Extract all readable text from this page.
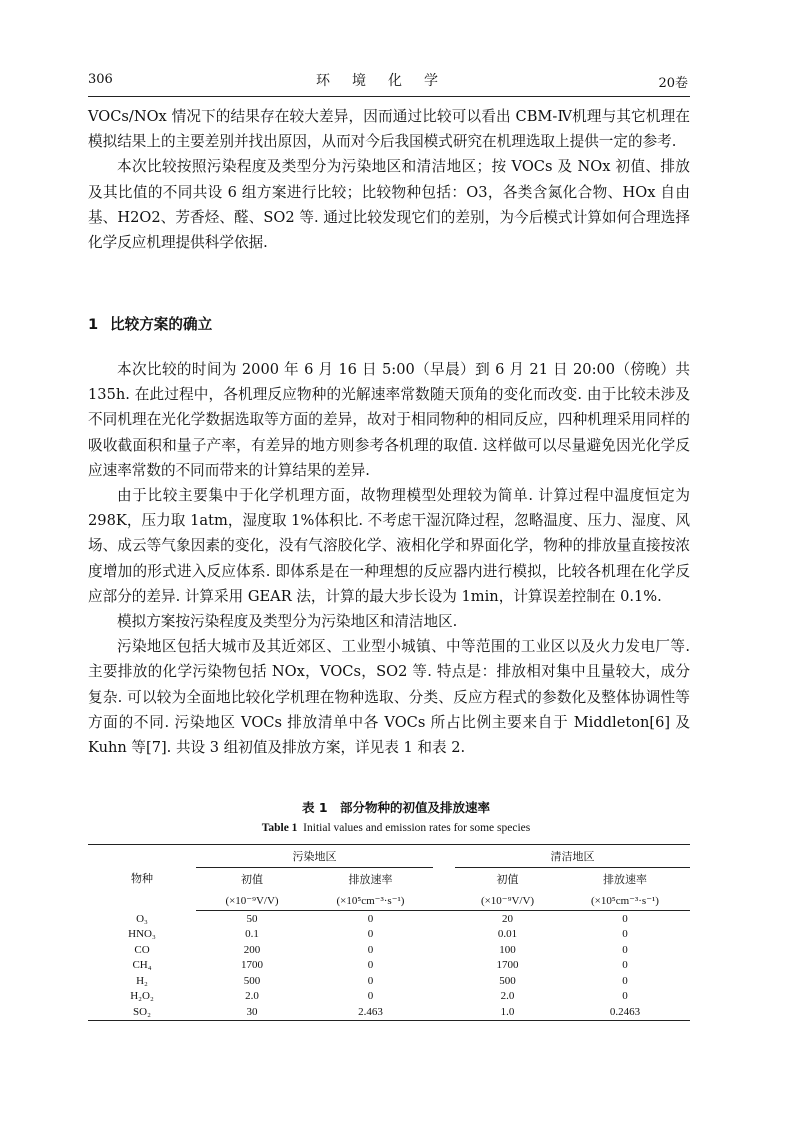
306	环境化学	20卷

VOCs/NOx 情况下的结果存在较大差异，因而通过比较可以看出 CBM-Ⅳ机理与其它机理在模拟结果上的主要差别并找出原因，从而对今后我国模式研究在机理选取上提供一定的参考.

本次比较按照污染程度及类型分为污染地区和清洁地区；按 VOCs 及 NOx 初值、排放及其比值的不同共设 6 组方案进行比较；比较物种包括：O3，各类含氮化合物、HOx 自由基、H2O2、芳香烃、醛、SO2 等. 通过比较发现它们的差别，为今后模式计算如何合理选择化学反应机理提供科学依据.

1 比较方案的确立

本次比较的时间为 2000 年 6 月 16 日 5:00（早晨）到 6 月 21 日 20:00（傍晚）共 135h. 在此过程中，各机理反应物种的光解速率常数随天顶角的变化而改变. 由于比较未涉及不同机理在光化学数据选取等方面的差异，故对于相同物种的相同反应，四种机理采用同样的吸收截面积和量子产率，有差异的地方则参考各机理的取值. 这样做可以尽量避免因光化学反应速率常数的不同而带来的计算结果的差异.

由于比较主要集中于化学机理方面，故物理模型处理较为简单. 计算过程中温度恒定为 298K，压力取 1atm，湿度取 1%体积比. 不考虑干湿沉降过程，忽略温度、压力、湿度、风场、成云等气象因素的变化，没有气溶胶化学、液相化学和界面化学，物种的排放量直接按浓度增加的形式进入反应体系. 即体系是在一种理想的反应器内进行模拟，比较各机理在化学反应部分的差异. 计算采用 GEAR 法，计算的最大步长设为 1min，计算误差控制在 0.1%.

模拟方案按污染程度及类型分为污染地区和清洁地区.

污染地区包括大城市及其近郊区、工业型小城镇、中等范围的工业区以及火力发电厂等. 主要排放的化学污染物包括 NOx，VOCs，SO2 等. 特点是：排放相对集中且量较大，成分复杂. 可以较为全面地比较化学机理在物种选取、分类、反应方程式的参数化及整体协调性等方面的不同. 污染地区 VOCs 排放清单中各 VOCs 所占比例主要来自于 Middleton[6] 及 Kuhn 等[7]. 共设 3 组初值及排放方案，详见表 1 和表 2.

表 1　部分物种的初值及排放速率
Table 1 Initial values and emission rates for some species
物种	污染地区			清洁地区	
	初值	排放速率		初值	排放速率
	(×10⁻⁹V/V)	(×10⁵cm⁻³·s⁻¹)		(×10⁻⁹V/V)	(×10⁵cm⁻³·s⁻¹)
O₃	50	0		20	0
HNO₃	0.1	0		0.01	0
CO	200	0		100	0
CH₄	1700	0		1700	0
H₂	500	0		500	0
H₂O₂	2.0	0		2.0	0
SO₂	30	2.463		1.0	0.2463
